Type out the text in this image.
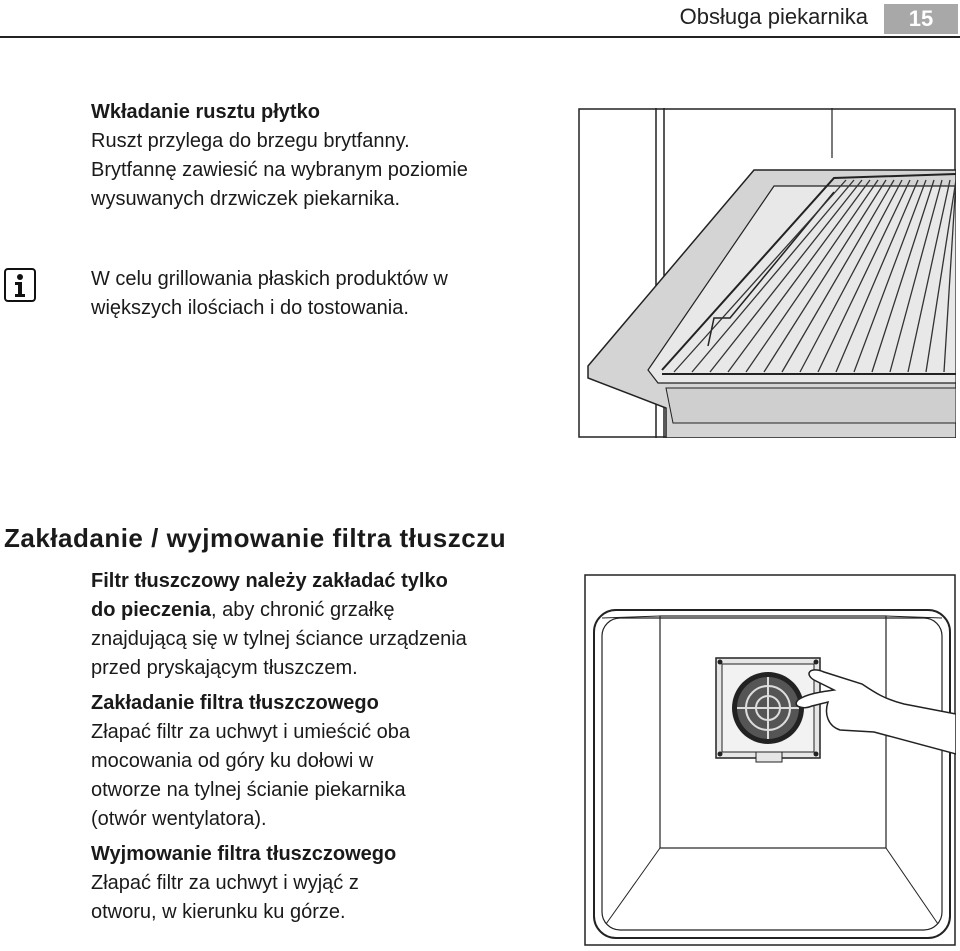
Obsługa piekarnika	15

Wkładanie rusztu płytko

Ruszt przylega do brzegu brytfanny.

Brytfannę zawiesić na wybranym poziomie

wysuwanych drzwiczek piekarnika.

W celu grillowania płaskich produktów w

większych ilościach i do tostowania.

Zakładanie / wyjmowanie filtra tłuszczu

Filtr tłuszczowy należy zakładać tylko

do pieczenia, aby chronić grzałkę

znajdującą się w tylnej ściance urządzenia

przed pryskającym tłuszczem.

Zakładanie filtra tłuszczowego

Złapać filtr za uchwyt i umieścić oba

mocowania od góry ku dołowi w

otworze na tylnej ścianie piekarnika

(otwór wentylatora).

Wyjmowanie filtra tłuszczowego

Złapać filtr za uchwyt i wyjąć z

otworu, w kierunku ku górze.
